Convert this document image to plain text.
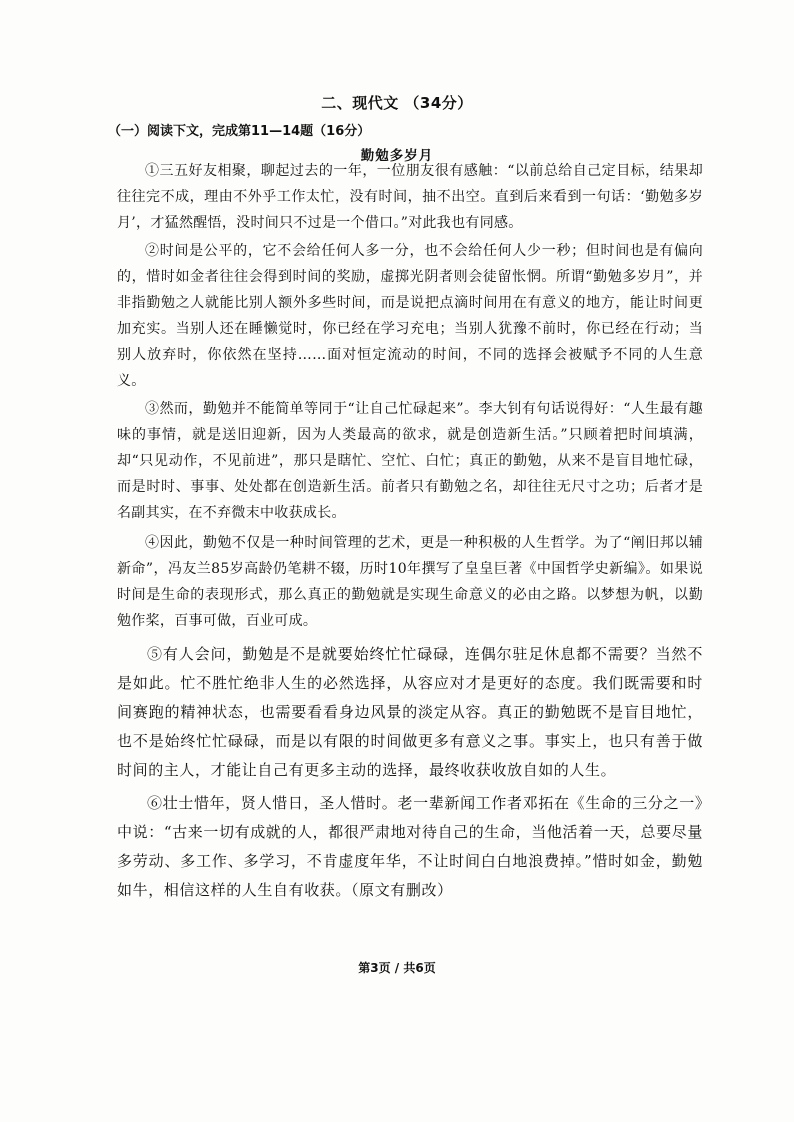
二、现代文 （34分）
（一）阅读下文，完成第11—14题（16分）
勤勉多岁月

①三五好友相聚，聊起过去的一年，一位朋友很有感触：“以前总给自己定目标，结果却往往完不成，理由不外乎工作太忙，没有时间，抽不出空。直到后来看到一句话：‘勤勉多岁月’，才猛然醒悟，没时间只不过是一个借口。”对此我也有同感。

②时间是公平的，它不会给任何人多一分，也不会给任何人少一秒；但时间也是有偏向的，惜时如金者往往会得到时间的奖励，虚掷光阴者则会徒留怅惘。所谓“勤勉多岁月”，并非指勤勉之人就能比别人额外多些时间，而是说把点滴时间用在有意义的地方，能让时间更加充实。当别人还在睡懒觉时，你已经在学习充电；当别人犹豫不前时，你已经在行动；当别人放弃时，你依然在坚持……面对恒定流动的时间，不同的选择会被赋予不同的人生意义。

③然而，勤勉并不能简单等同于“让自己忙碌起来”。李大钊有句话说得好：“人生最有趣味的事情，就是送旧迎新，因为人类最高的欲求，就是创造新生活。”只顾着把时间填满，却“只见动作，不见前进”，那只是瞎忙、空忙、白忙；真正的勤勉，从来不是盲目地忙碌，而是时时、事事、处处都在创造新生活。前者只有勤勉之名，却往往无尺寸之功；后者才是名副其实，在不弃微末中收获成长。

④因此，勤勉不仅是一种时间管理的艺术，更是一种积极的人生哲学。为了“阐旧邦以辅新命”，冯友兰85岁高龄仍笔耕不辍，历时10年撰写了皇皇巨著《中国哲学史新编》。如果说时间是生命的表现形式，那么真正的勤勉就是实现生命意义的必由之路。以梦想为帆，以勤勉作桨，百事可做，百业可成。

⑤有人会问，勤勉是不是就要始终忙忙碌碌，连偶尔驻足休息都不需要？当然不是如此。忙不胜忙绝非人生的必然选择，从容应对才是更好的态度。我们既需要和时间赛跑的精神状态，也需要看看身边风景的淡定从容。真正的勤勉既不是盲目地忙，也不是始终忙忙碌碌，而是以有限的时间做更多有意义之事。事实上，也只有善于做时间的主人，才能让自己有更多主动的选择，最终收获收放自如的人生。

⑥壮士惜年，贤人惜日，圣人惜时。老一辈新闻工作者邓拓在《生命的三分之一》中说：“古来一切有成就的人，都很严肃地对待自己的生命，当他活着一天，总要尽量多劳动、多工作、多学习，不肯虚度年华，不让时间白白地浪费掉。”惜时如金，勤勉如牛，相信这样的人生自有收获。（原文有删改）

第3页 / 共6页
